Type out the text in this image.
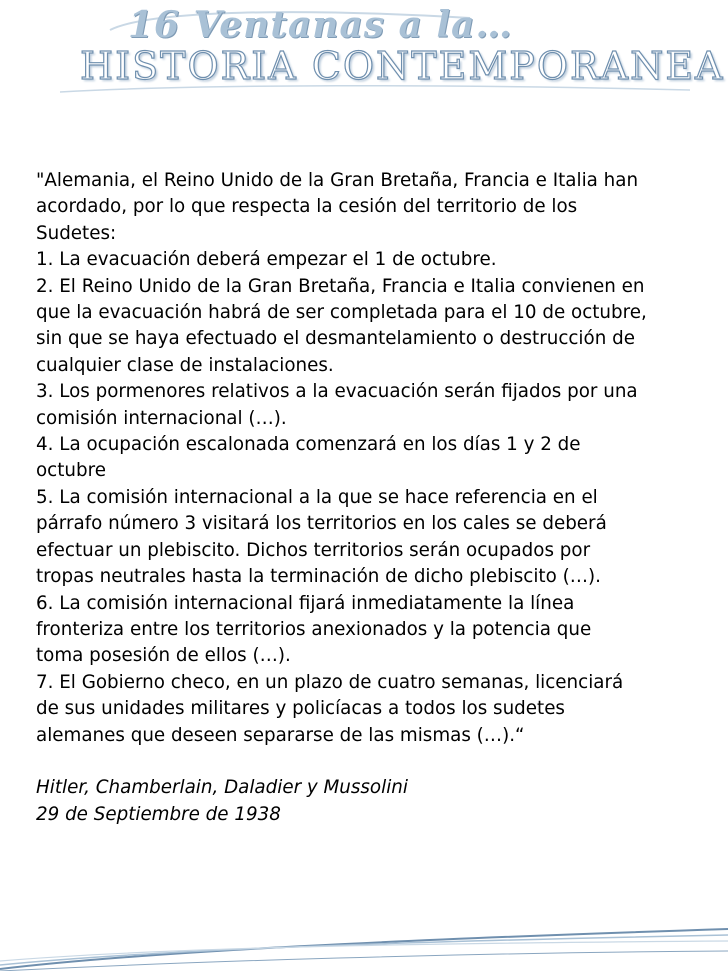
16 Ventanas a la…
HISTORIA CONTEMPORANEA
"Alemania, el Reino Unido de la Gran Bretaña, Francia e Italia han
acordado, por lo que respecta la cesión del territorio de los
Sudetes:
1. La evacuación deberá empezar el 1 de octubre.
2. El Reino Unido de la Gran Bretaña, Francia e Italia convienen en
que la evacuación habrá de ser completada para el 10 de octubre,
sin que se haya efectuado el desmantelamiento o destrucción de
cualquier clase de instalaciones.
3. Los pormenores relativos a la evacuación serán fijados por una
comisión internacional (…).
4. La ocupación escalonada comenzará en los días 1 y 2 de
octubre
5. La comisión internacional a la que se hace referencia en el
párrafo número 3 visitará los territorios en los cales se deberá
efectuar un plebiscito. Dichos territorios serán ocupados por
tropas neutrales hasta la terminación de dicho plebiscito (…).
6. La comisión internacional fijará inmediatamente la línea
fronteriza entre los territorios anexionados y la potencia que
toma posesión de ellos (…).
7. El Gobierno checo, en un plazo de cuatro semanas, licenciará
de sus unidades militares y policíacas a todos los sudetes
alemanes que deseen separarse de las mismas (…).“
Hitler, Chamberlain, Daladier y Mussolini
29 de Septiembre de 1938
